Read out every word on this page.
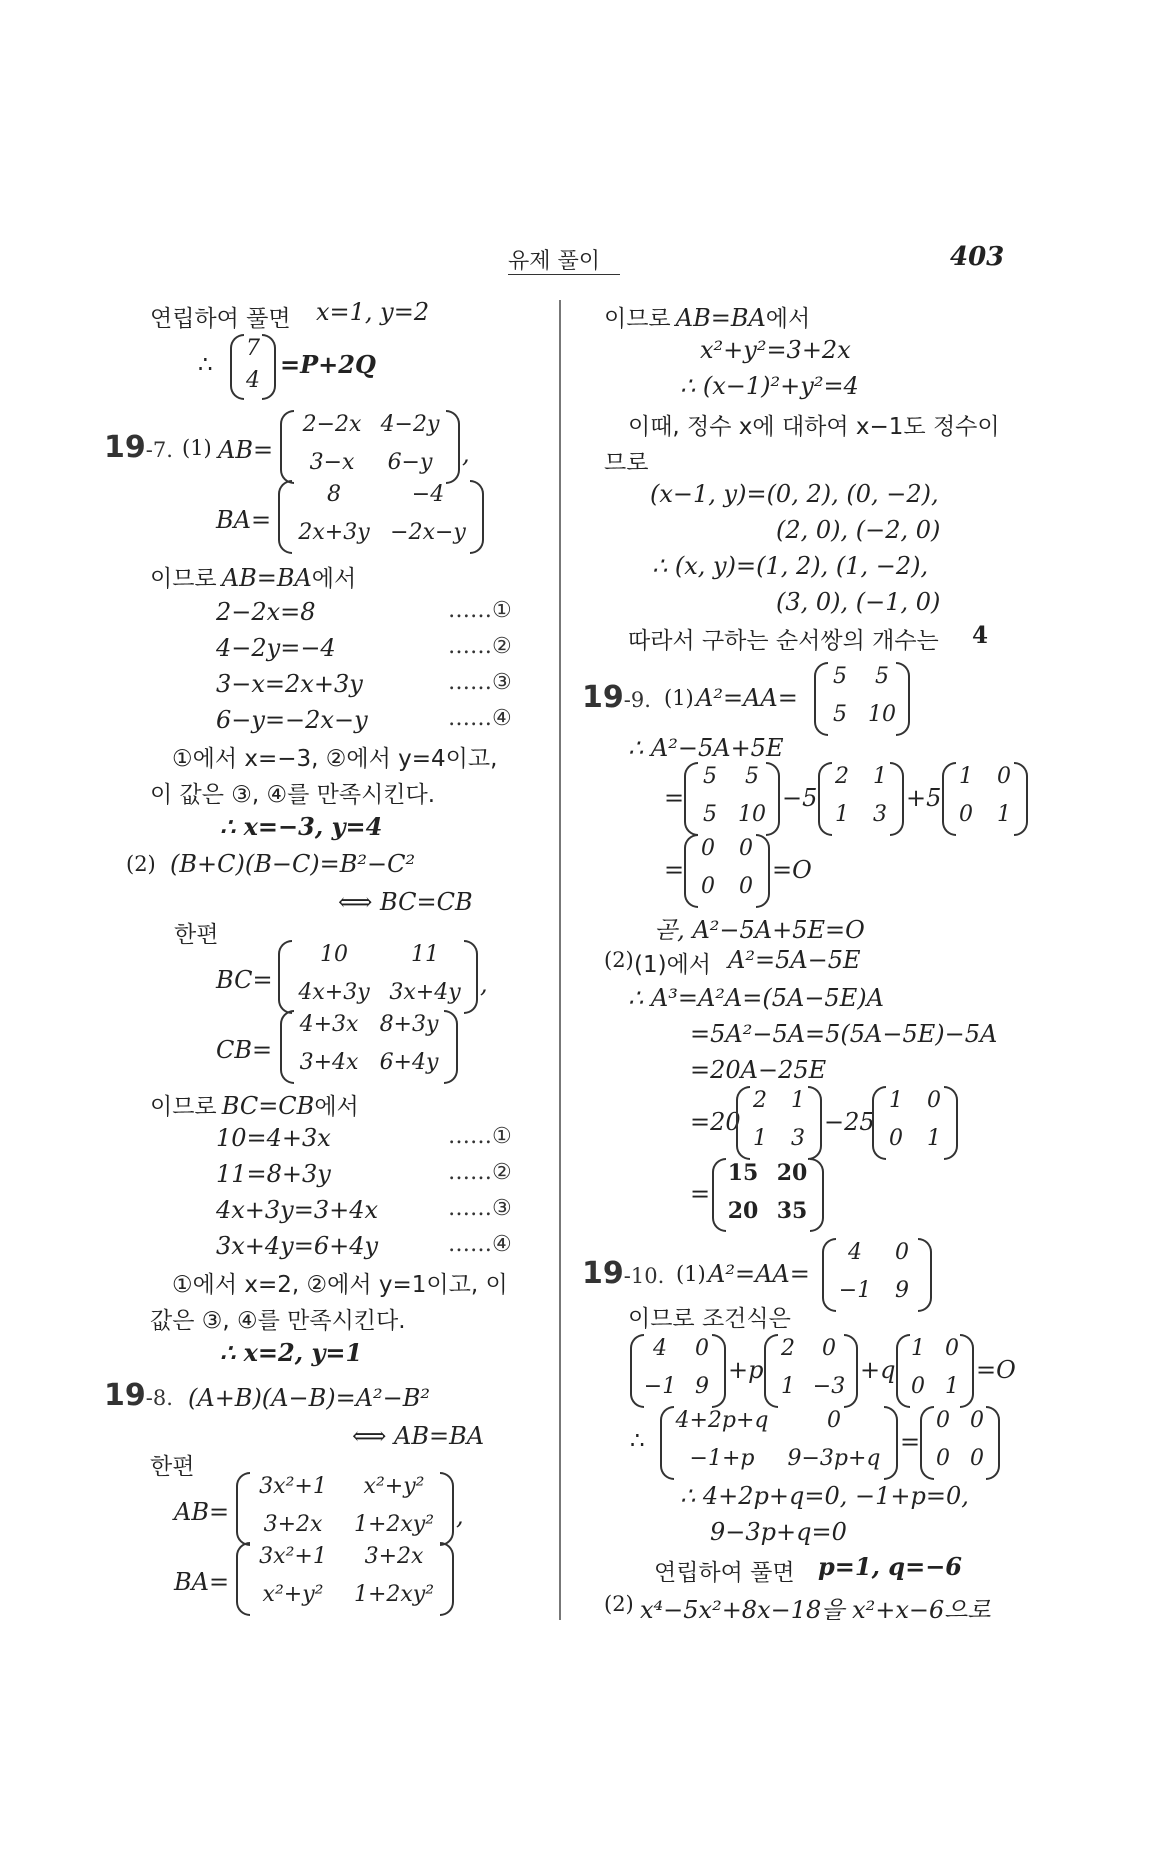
유제 풀이	403
연립하여 풀면 x=1, y=2
∴
7
4
=P+2Q
19-7. (1) AB=
2−2x 4−2y
3−x	6−y	,
BA=
8	−4
2x+3y −2x−y
이므로 AB=BA에서
2−2x=8	……①
4−2y=−4	……②
3−x=2x+3y	……③
6−y=−2x−y	……④
①에서 x=−3, ②에서 y=4이고,
이 값은 ③, ④를 만족시킨다.
∴ x=−3, y=4
(2) (B+C)(B−C)=B²−C²
⟺ BC=CB
한편
BC=
10	11
4x+3y 3x+4y ,
CB=
4+3x 8+3y
3+4x 6+4y
이므로 BC=CB에서
10=4+3x	……①
11=8+3y	……②
4x+3y=3+4x	……③
3x+4y=6+4y	……④
①에서 x=2, ②에서 y=1이고, 이
값은 ③, ④를 만족시킨다.
∴ x=2, y=1
19-8. (A+B)(A−B)=A²−B²
⟺ AB=BA
한편
AB=
3x²+1	x²+y²
3+2x	1+2xy² ,
BA=
3x²+1	3+2x
x²+y²	1+2xy²
이므로 AB=BA에서
x²+y²=3+2x
∴ (x−1)²+y²=4
이때, 정수 x에 대하여 x−1도 정수이
므로
(x−1, y)=(0, 2), (0, −2),
(2, 0), (−2, 0)
∴ (x, y)=(1, 2), (1, −2),
(3, 0), (−1, 0)
따라서 구하는 순서쌍의 개수는 4
19-9. (1) A²=AA=
5	5
5 10
∴ A²−5A+5E
=
5	5
5 10
−5
2	1
1	3
+5
1	0
0	1
=
0	0
0	0
=O
곧, A²−5A+5E=O
(2) (1)에서 A²=5A−5E
∴ A³=A²A=(5A−5E)A
=5A²−5A=5(5A−5E)−5A
=20A−25E
=20
2	1
1	3
−25
1	0
0	1
=
15 20
20 35
19-10. (1) A²=AA=
4	0
−1	9
이므로 조건식은
4	0
−1 9
+p
2	0
1 −3
+q
1 0
0 1
=O
∴
4+2p+q	0
−1+p	9−3p+q
=
0 0
0 0
∴ 4+2p+q=0, −1+p=0,
9−3p+q=0
연립하여 풀면 p=1, q=−6
(2) x⁴−5x²+8x−18을 x²+x−6으로
